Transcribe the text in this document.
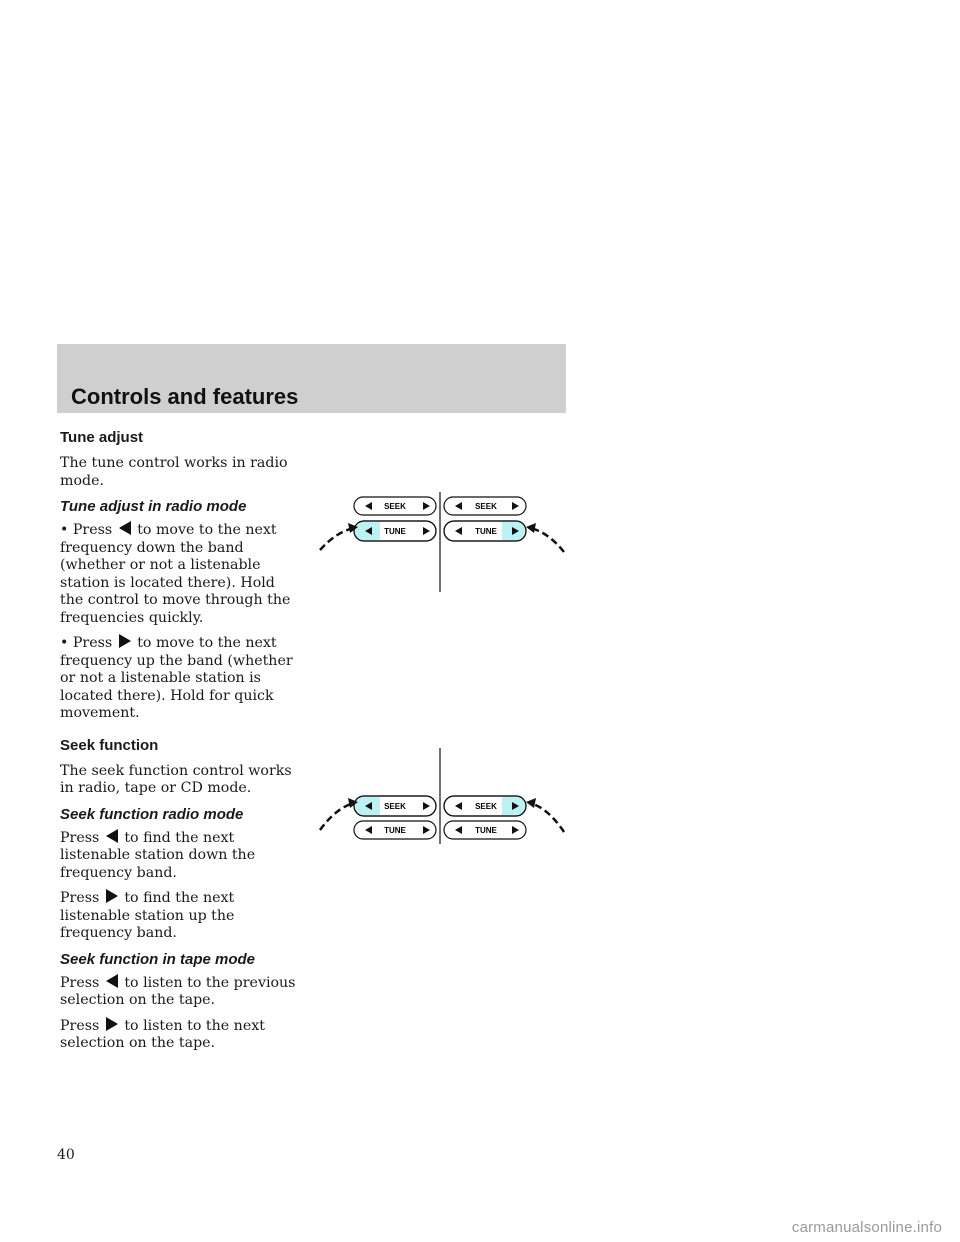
Controls and features
Tune adjust

The tune control works in radio mode.

Tune adjust in radio mode

• Press to move to the next frequency down the band (whether or not a listenable station is located there). Hold the control to move through the frequencies quickly.

• Press to move to the next frequency up the band (whether or not a listenable station is located there). Hold for quick movement.

Seek function

The seek function control works in radio, tape or CD mode.

Seek function radio mode

Press to find the next listenable station down the frequency band.

Press to find the next listenable station up the frequency band.

Seek function in tape mode

Press to listen to the previous selection on the tape.

Press to listen to the next selection on the tape.

SEEK
TUNE
SEEK
TUNE
SEEK
TUNE
SEEK
TUNE
40
carmanualsonline.info
